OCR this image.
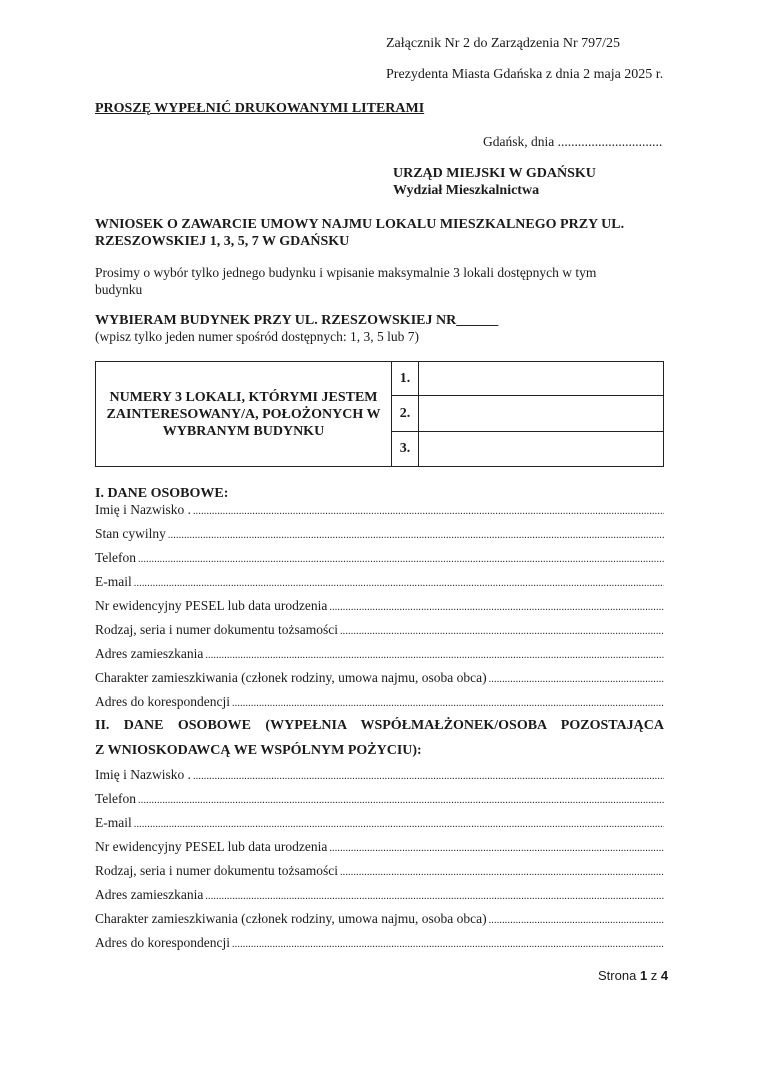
Załącznik Nr 2 do Zarządzenia Nr 797/25
Prezydenta Miasta Gdańska z dnia 2 maja 2025 r.
PROSZĘ WYPEŁNIĆ DRUKOWANYMI LITERAMI
Gdańsk, dnia ...............................
URZĄD MIEJSKI W GDAŃSKU
Wydział Mieszkalnictwa
WNIOSEK O ZAWARCIE UMOWY NAJMU LOKALU MIESZKALNEGO PRZY UL.
RZESZOWSKIEJ 1, 3, 5, 7 W GDAŃSKU
Prosimy o wybór tylko jednego budynku i wpisanie maksymalnie 3 lokali dostępnych w tym
budynku
WYBIERAM BUDYNEK PRZY UL. RZESZOWSKIEJ NR______
(wpisz tylko jeden numer spośród dostępnych: 1, 3, 5 lub 7)
NUMERY 3 LOKALI, KTÓRYMI JESTEM ZAINTERESOWANY/A, POŁOŻONYCH W WYBRANYM BUDYNKU
1.
2.
3.
I. DANE OSOBOWE:
Imię i Nazwisko .
.....
Stan cywilny
.....
Telefon
.....
E-mail
.....
Nr ewidencyjny PESEL lub data urodzenia
.....
Rodzaj, seria i numer dokumentu tożsamości
.....
Adres zamieszkania
.....
Charakter zamieszkiwania (członek rodziny, umowa najmu, osoba obca)
.....
Adres do korespondencji
.....
II. DANE OSOBOWE (WYPEŁNIA WSPÓŁMAŁŻONEK/OSOBA POZOSTAJĄCA
Z WNIOSKODAWCĄ WE WSPÓLNYM POŻYCIU):
Imię i Nazwisko .
.....
Telefon
.....
E-mail
.....
Nr ewidencyjny PESEL lub data urodzenia
.....
Rodzaj, seria i numer dokumentu tożsamości
.....
Adres zamieszkania
.....
Charakter zamieszkiwania (członek rodziny, umowa najmu, osoba obca)
.....
Adres do korespondencji
.....
Strona 1 z 4
